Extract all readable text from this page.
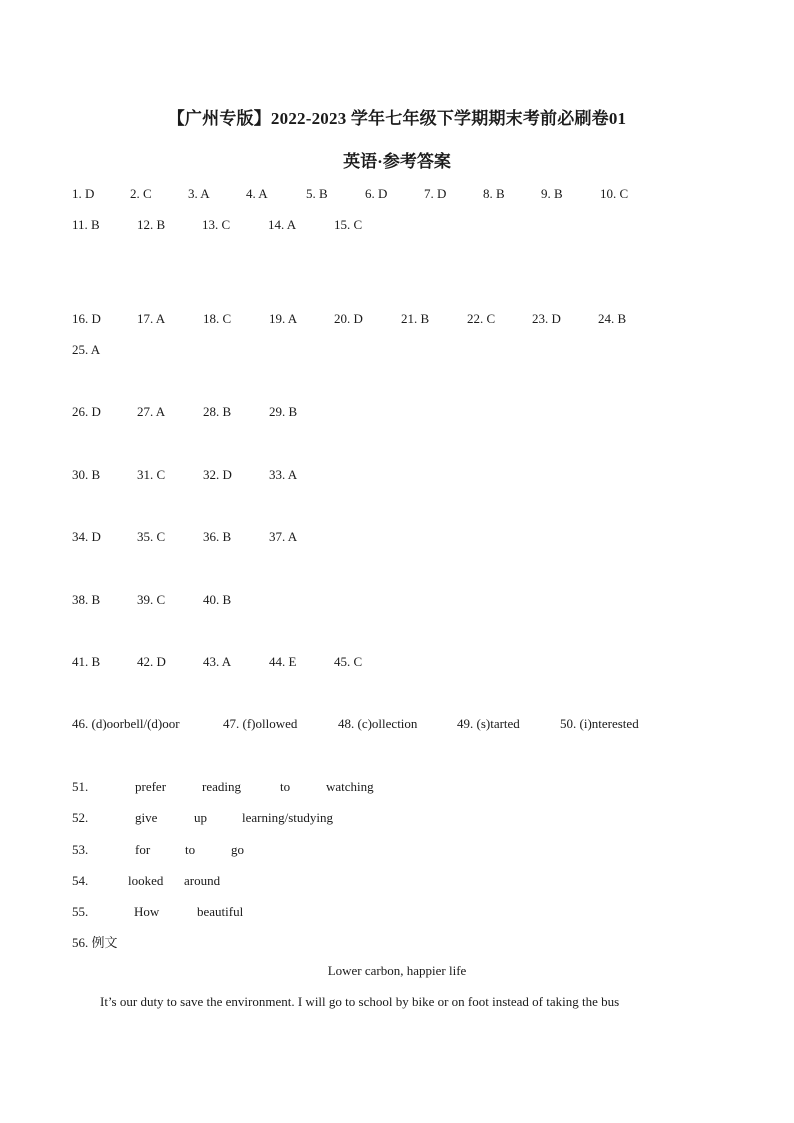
【广州专版】2022-2023 学年七年级下学期期末考前必刷卷01
英语·参考答案
1. D	2. C	3. A	4. A	5. B	6. D	7. D	8. B	9. B	10. C
11. B	12. B	13. C	14. A	15. C
16. D	17. A	18. C	19. A	20. D	21. B	22. C	23. D	24. B
25. A
26. D	27. A	28. B	29. B
30. B	31. C	32. D	33. A
34. D	35. C	36. B	37. A
38. B	39. C	40. B
41. B	42. D	43. A	44. E	45. C
46. (d)oorbell/(d)oor	47. (f)ollowed	48. (c)ollection	49. (s)tarted	50. (i)nterested
51.	prefer	reading	to	watching
52.	give	up	learning/studying
53.	for	to	go
54.	looked around
55.	How	beautiful
56. 例文
Lower carbon, happier life
It’s our duty to save the environment. I will go to school by bike or on foot instead of taking the bus
